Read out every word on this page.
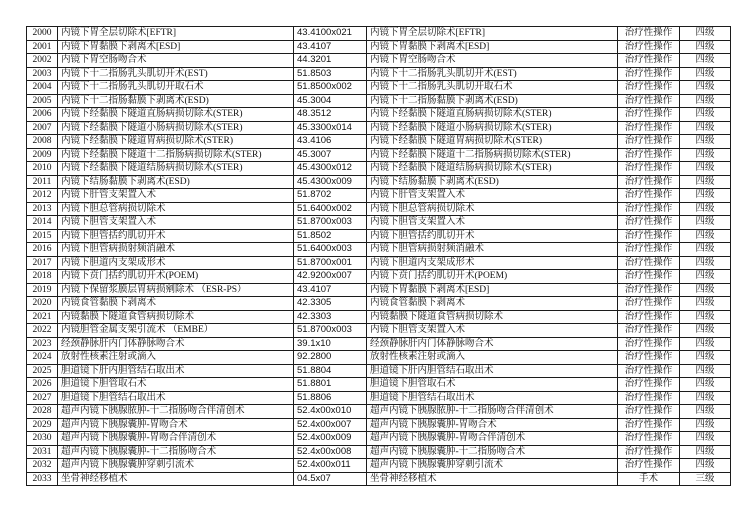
2000	内镜下胃全层切除术[EFTR]	43.4100x021	内镜下胃全层切除术[EFTR]	治疗性操作	四级
2001	内镜下胃黏膜下剥离术[ESD]	43.4107	内镜下胃黏膜下剥离术[ESD]	治疗性操作	四级
2002	内镜下胃空肠吻合术	44.3201	内镜下胃空肠吻合术	治疗性操作	四级
2003	内镜下十二指肠乳头肌切开术(EST)	51.8503	内镜下十二指肠乳头肌切开术(EST)	治疗性操作	四级
2004	内镜下十二指肠乳头肌切开取石术	51.8500x002	内镜下十二指肠乳头肌切开取石术	治疗性操作	四级
2005	内镜下十二指肠黏膜下剥离术(ESD)	45.3004	内镜下十二指肠黏膜下剥离术(ESD)	治疗性操作	四级
2006	内镜下经黏膜下隧道直肠病损切除术(STER)	48.3512	内镜下经黏膜下隧道直肠病损切除术(STER)	治疗性操作	四级
2007	内镜下经黏膜下隧道小肠病损切除术(STER)	45.3300x014	内镜下经黏膜下隧道小肠病损切除术(STER)	治疗性操作	四级
2008	内镜下经黏膜下隧道胃病损切除术(STER)	43.4106	内镜下经黏膜下隧道胃病损切除术(STER)	治疗性操作	四级
2009	内镜下经黏膜下隧道十二指肠病损切除术(STER)	45.3007	内镜下经黏膜下隧道十二指肠病损切除术(STER)	治疗性操作	四级
2010	内镜下经黏膜下隧道结肠病损切除术(STER)	45.4300x012	内镜下经黏膜下隧道结肠病损切除术(STER)	治疗性操作	四级
2011	内镜下结肠黏膜下剥离术(ESD)	45.4300x009	内镜下结肠黏膜下剥离术(ESD)	治疗性操作	四级
2012	内镜下肝管支架置入术	51.8702	内镜下肝管支架置入术	治疗性操作	四级
2013	内镜下胆总管病损切除术	51.6400x002	内镜下胆总管病损切除术	治疗性操作	四级
2014	内镜下胆管支架置入术	51.8700x003	内镜下胆管支架置入术	治疗性操作	四级
2015	内镜下胆管括约肌切开术	51.8502	内镜下胆管括约肌切开术	治疗性操作	四级
2016	内镜下胆管病损射频消融术	51.6400x003	内镜下胆管病损射频消融术	治疗性操作	四级
2017	内镜下胆道内支架成形术	51.8700x001	内镜下胆道内支架成形术	治疗性操作	四级
2018	内镜下贲门括约肌切开术(POEM)	42.9200x007	内镜下贲门括约肌切开术(POEM)	治疗性操作	四级
2019	内镜下保留浆膜层胃病损剜除术 （ESR-PS）	43.4107	内镜下胃黏膜下剥离术[ESD]	治疗性操作	四级
2020	内镜食管黏膜下剥离术	42.3305	内镜食管黏膜下剥离术	治疗性操作	四级
2021	内镜黏膜下隧道食管病损切除术	42.3303	内镜黏膜下隧道食管病损切除术	治疗性操作	四级
2022	内镜胆管金属支架引流术 （EMBE）	51.8700x003	内镜下胆管支架置入术	治疗性操作	四级
2023	经颈静脉肝内门体静脉吻合术	39.1x10	经颈静脉肝内门体静脉吻合术	治疗性操作	四级
2024	放射性核素注射或滴入	92.2800	放射性核素注射或滴入	治疗性操作	四级
2025	胆道镜下肝内胆管结石取出术	51.8804	胆道镜下肝内胆管结石取出术	治疗性操作	四级
2026	胆道镜下胆管取石术	51.8801	胆道镜下胆管取石术	治疗性操作	四级
2027	胆道镜下胆管结石取出术	51.8806	胆道镜下胆管结石取出术	治疗性操作	四级
2028	超声内镜下胰腺脓肿-十二指肠吻合伴清创术	52.4x00x010	超声内镜下胰腺脓肿-十二指肠吻合伴清创术	治疗性操作	四级
2029	超声内镜下胰腺囊肿-胃吻合术	52.4x00x007	超声内镜下胰腺囊肿-胃吻合术	治疗性操作	四级
2030	超声内镜下胰腺囊肿-胃吻合伴清创术	52.4x00x009	超声内镜下胰腺囊肿-胃吻合伴清创术	治疗性操作	四级
2031	超声内镜下胰腺囊肿-十二指肠吻合术	52.4x00x008	超声内镜下胰腺囊肿-十二指肠吻合术	治疗性操作	四级
2032	超声内镜下胰腺囊肿穿刺引流术	52.4x00x011	超声内镜下胰腺囊肿穿刺引流术	治疗性操作	四级
2033	坐骨神经移植术	04.5x07	坐骨神经移植术	手术	三级
